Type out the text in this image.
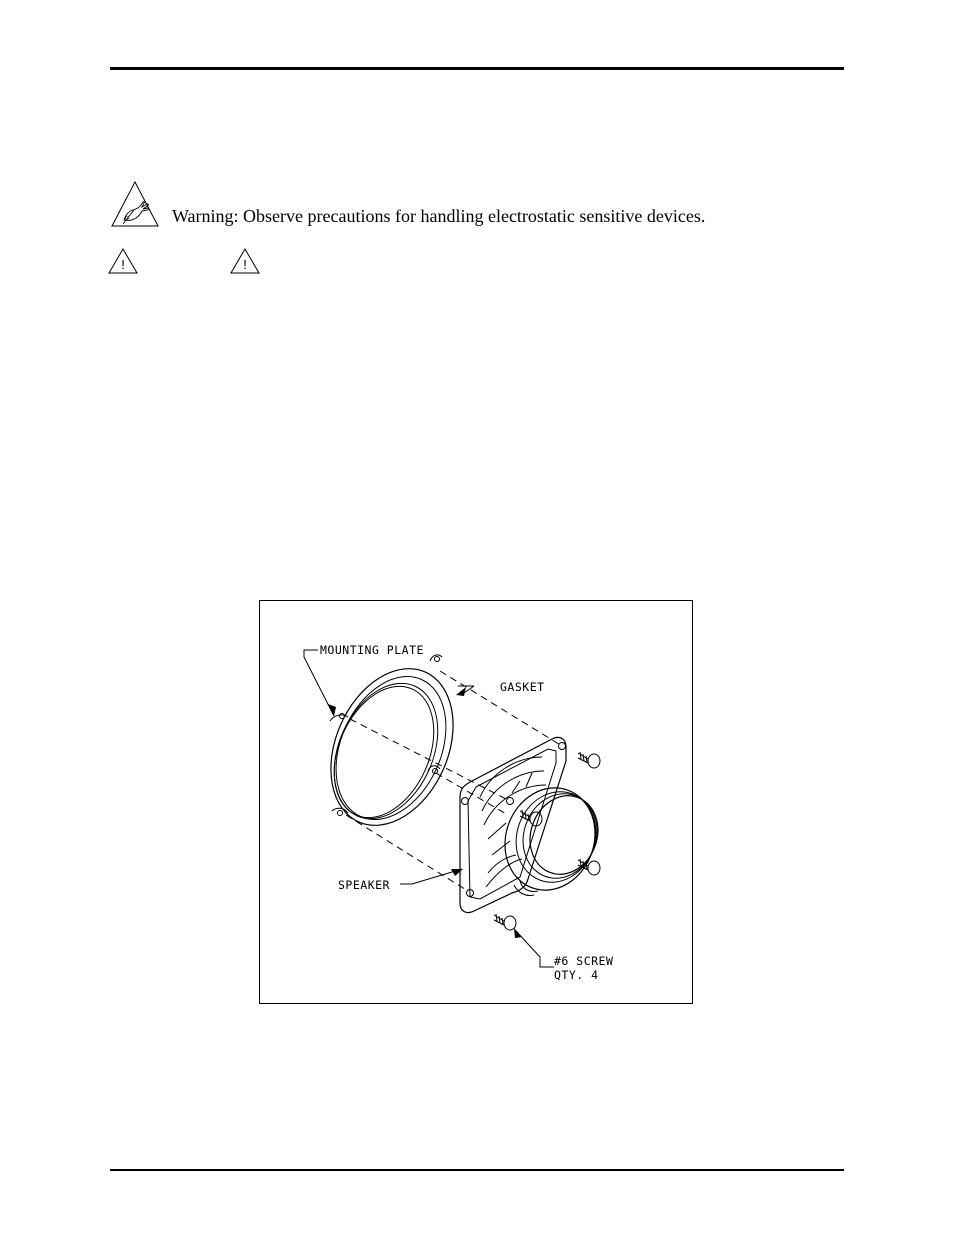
P Warning: Observe precautions for handling electrostatic sensitive devices.
!	!
MOUNTING PLATE
GASKET
SPEAKER
#6 SCREW
QTY. 4
